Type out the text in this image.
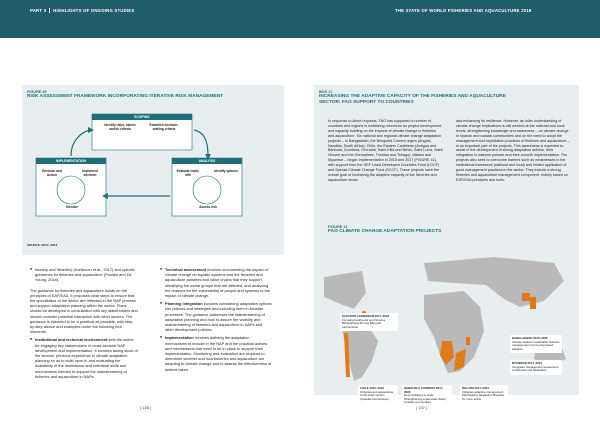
PART 3 HIGHLIGHTS OF ONGOING STUDIES	THE STATE OF WORLD FISHERIES AND AQUACULTURE 2018
FIGURE 40
RISK ASSESSMENT FRAMEWORK INCORPORATING ITERATIVE RISK MANAGEMENT
SCOPING
Identify risks, values and/or criteria
Establish decision-making criteria
IMPLEMENTATION
Decision and Action
Implement decision
Monitor
ANALYSIS
Evaluate trade-offs
Identify options
Assess risk
SOURCE: IPCC, 2014

■ forestry and fisheries) (Karttunen et al., 2017) and specific guidelines for fisheries and aquaculture (Poulain and De Young, 2018).

The guidance for fisheries and aquaculture builds on the principles of EAF/EAA. It proposes clear steps to ensure that the specificities of the sector are reflected in the NAP process and support adaptation planning within the sector. Plans should be developed in consultation with key stakeholders and should consider potential interaction with other sectors. The guidance is intended to be a practical as possible, with step-by-step advice and examples under the following four elements:

■ Institutional and technical environment sets the scene for engaging key stakeholders in cross-sectoral NAP development and implementation. It involves taking stock of the sectors' previous experience in climate adaptation planning so as to build upon it, and evaluating the availability of the institutional and individual skills and mechanisms needed to support the mainstreaming of fisheries and aquaculture in NAPs.

■ Technical assessment involves documenting the impact of climate change on aquatic systems and the fisheries and aquaculture activities and value chains that they support, identifying the social groups that are affected, and analysing the reasons for the vulnerability of people and systems to the impact of climate change.

■ Planning integration involves considering adaptation options into policies and strategies and including them in broader processes. The guidance addresses the mainstreaming of adaptation planning and how to assure the visibility and mainstreaming of fisheries and aquaculture in NAPs and other development policies.

■ Implementation involves defining the adaptation mechanisms to include in the NAP and the practical actions and mechanisms that need to be in place to support their implementation. Monitoring and evaluation are required to determine whether and how fisheries and aquaculture are adapting to climate change and to assess the effectiveness of actions taken.

BOX 17
INCREASING THE ADAPTIVE CAPACITY OF THE FISHERIES AND AQUACULTURE
SECTOR: FAO SUPPORT TO COUNTRIES

In response to direct requests, FAO has supported a number of countries and regions in mobilizing resources for project development and capacity building on the impacts of climate change in fisheries and aquaculture. Six national and regional climate change adaptation projects – in Bangladesh, the Benguela Current region (Angola, Namibia, South Africa), Chile, the Eastern Caribbean (Antigua and Barbuda, Dominica, Grenada, Saint Kitts and Nevis, Saint Lucia, Saint Vincent and the Grenadines, Trinidad and Tobago), Malawi and Myanmar – began implementation in 2015 and 2017 (FIGURE 41), with support from the GEF Least Developed Countries Fund (LDCF) and Special Climate Change Fund (SCCF). These projects have the overall goal of increasing the adaptive capacity of the fisheries and aquaculture sector

and enhancing its resilience. However, as fuller understanding of climate change implications is still needed at the national and local levels, strengthening knowledge and awareness – on climate change in riparian and coastal communities and on the need to adopt the management and exploitation practices of fisheries and aquaculture – is an important part of the projects. This awareness is expected to assist in the development of strong adaptation actions, their integration in national policies and their smooth implementation. The projects also seek to overcome barriers such as weaknesses in the institutional framework (national and local) and limited application of good management practices in the sector. They include a strong fisheries and aquaculture management component, mainly based on EAF/EAA principles and tools.

FIGURE 41
FAO CLIMATE CHANGE ADAPTATION PROJECTS
EASTERN CARIBBEAN 2017–2022
Focusing livelihoods and fisheries Bilingual/specific and Bilingual partnerships
CHILE 2015–2019
Fisheries and aquaculture small-scale sectors (Coastal communities)
BENGUELA CURRENT 2017–2020
Demonstrating to scale Strengthening small-scale fishery Coastal communities
BANGLADESH 2015–2020
Climate-resilient sustainable fisheries management Community-based adaptive
MYANMAR 2017–2021
Integrated management aquaculture Livelihoods and adaptation
MALAWI 2017–2021
Fisheries adaptive management Participatory adaptation Baseline for more active
| 136 |	| 137 |
